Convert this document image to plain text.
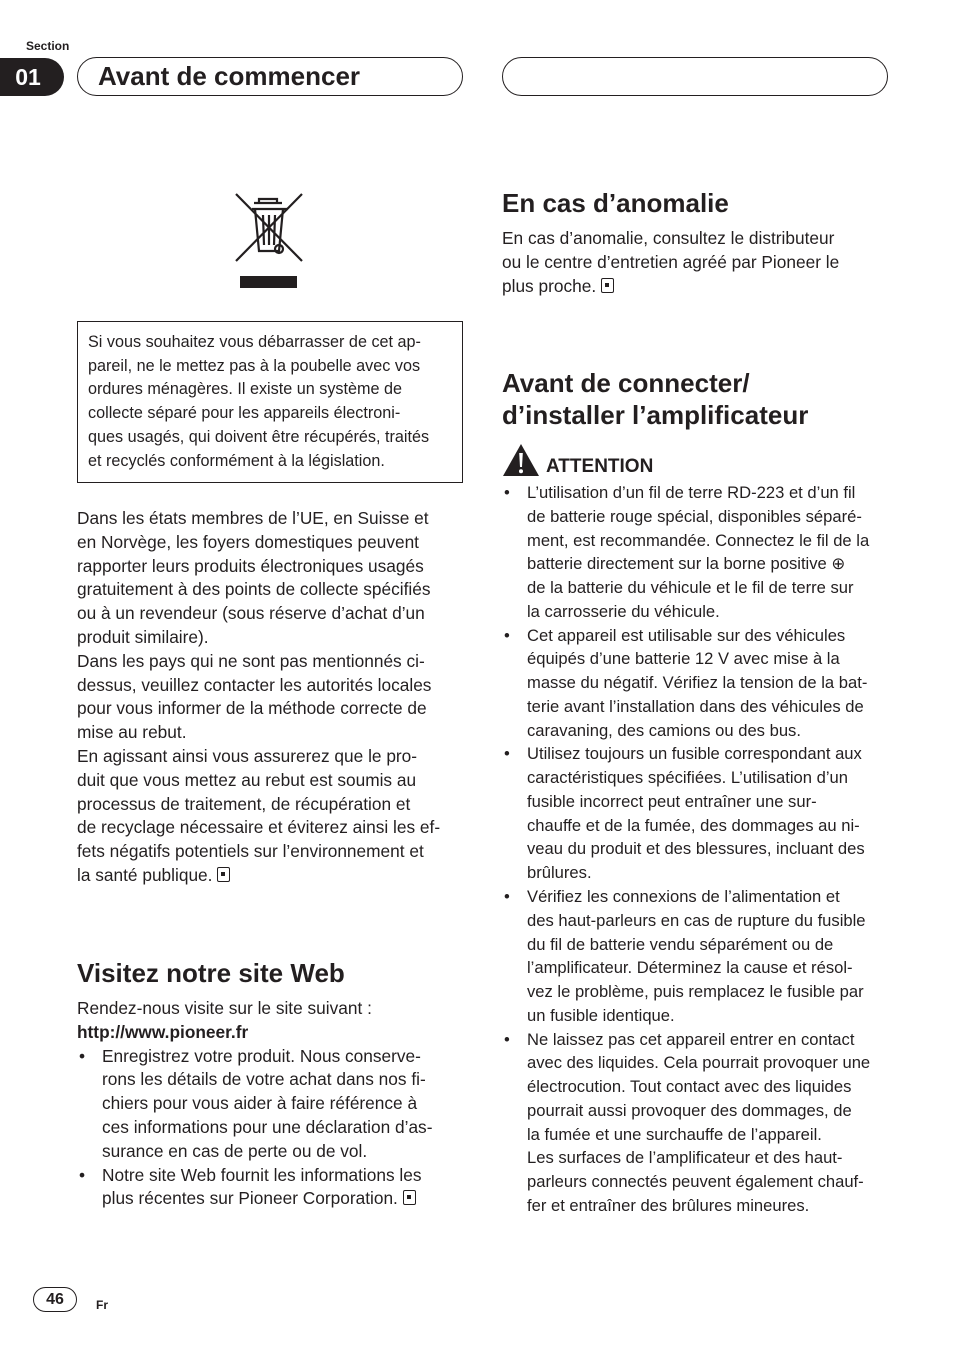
Section
01	Avant de commencer
Si vous souhaitez vous débarrasser de cet ap-
pareil, ne le mettez pas à la poubelle avec vos
ordures ménagères. Il existe un système de
collecte séparé pour les appareils électroni-
ques usagés, qui doivent être récupérés, traités
et recyclés conformément à la législation.
Dans les états membres de l’UE, en Suisse et
en Norvège, les foyers domestiques peuvent
rapporter leurs produits électroniques usagés
gratuitement à des points de collecte spécifiés
ou à un revendeur (sous réserve d’achat d’un
produit similaire).
Dans les pays qui ne sont pas mentionnés ci-
dessus, veuillez contacter les autorités locales
pour vous informer de la méthode correcte de
mise au rebut.
En agissant ainsi vous assurerez que le pro-
duit que vous mettez au rebut est soumis au
processus de traitement, de récupération et
de recyclage nécessaire et éviterez ainsi les ef-
fets négatifs potentiels sur l’environnement et
la santé publique.
Visitez notre site Web
Rendez-nous visite sur le site suivant :
http://www.pioneer.fr
• Enregistrez votre produit. Nous conserve-
rons les détails de votre achat dans nos fi-
chiers pour vous aider à faire référence à
ces informations pour une déclaration d’as-
surance en cas de perte ou de vol.
• Notre site Web fournit les informations les
plus récentes sur Pioneer Corporation.
En cas d’anomalie
En cas d’anomalie, consultez le distributeur
ou le centre d’entretien agréé par Pioneer le
plus proche.
Avant de connecter/
d’installer l’amplificateur
ATTENTION
• L’utilisation d’un fil de terre RD-223 et d’un fil
de batterie rouge spécial, disponibles séparé-
ment, est recommandée. Connectez le fil de la
batterie directement sur la borne positive ⊕
de la batterie du véhicule et le fil de terre sur
la carrosserie du véhicule.
• Cet appareil est utilisable sur des véhicules
équipés d’une batterie 12 V avec mise à la
masse du négatif. Vérifiez la tension de la bat-
terie avant l’installation dans des véhicules de
caravaning, des camions ou des bus.
• Utilisez toujours un fusible correspondant aux
caractéristiques spécifiées. L’utilisation d’un
fusible incorrect peut entraîner une sur-
chauffe et de la fumée, des dommages au ni-
veau du produit et des blessures, incluant des
brûlures.
• Vérifiez les connexions de l’alimentation et
des haut-parleurs en cas de rupture du fusible
du fil de batterie vendu séparément ou de
l’amplificateur. Déterminez la cause et résol-
vez le problème, puis remplacez le fusible par
un fusible identique.
• Ne laissez pas cet appareil entrer en contact
avec des liquides. Cela pourrait provoquer une
électrocution. Tout contact avec des liquides
pourrait aussi provoquer des dommages, de
la fumée et une surchauffe de l’appareil.
Les surfaces de l’amplificateur et des haut-
parleurs connectés peuvent également chauf-
fer et entraîner des brûlures mineures.
46	Fr
